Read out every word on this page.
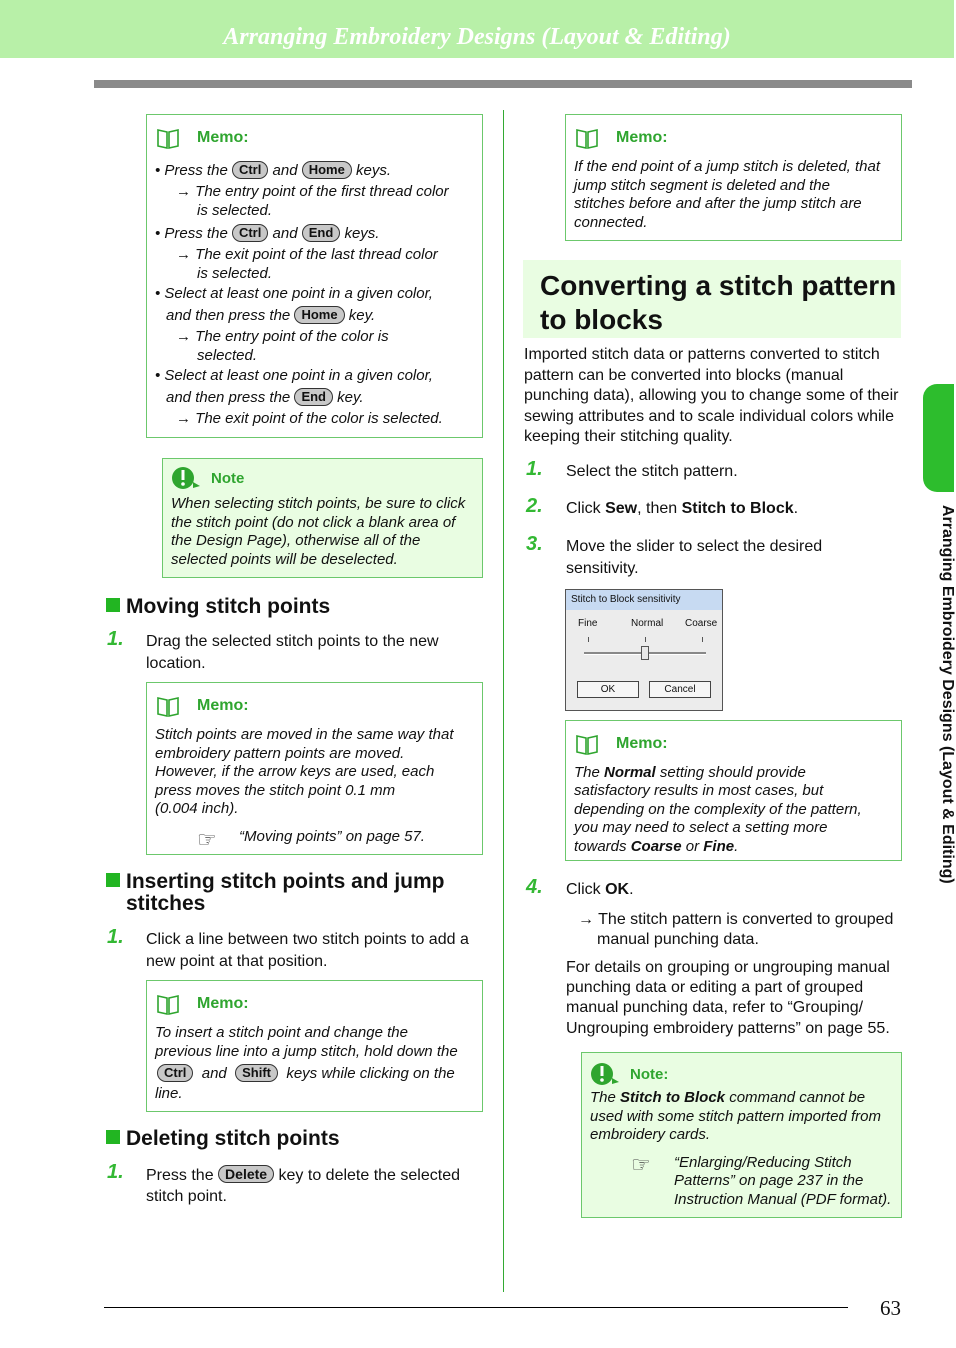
Arranging Embroidery Designs (Layout & Editing)
Arranging Embroidery Designs (Layout & Editing)
Memo:
• Press the Ctrl and Home keys.
→ The entry point of the first thread color
is selected.
• Press the Ctrl and End keys.
→ The exit point of the last thread color
is selected.
• Select at least one point in a given color,
and then press the Home key.
→ The entry point of the color is
selected.
• Select at least one point in a given color,
and then press the End key.
→ The exit point of the color is selected.
Note
When selecting stitch points, be sure to click
the stitch point (do not click a blank area of
the Design Page), otherwise all of the
selected points will be deselected.
Moving stitch points
1. Drag the selected stitch points to the new
location.
Memo:
Stitch points are moved in the same way that
embroidery pattern points are moved.
However, if the arrow keys are used, each
press moves the stitch point 0.1 mm
(0.004 inch).
☞ “Moving points” on page 57.
Inserting stitch points and jump
stitches
1. Click a line between two stitch points to add a
new point at that position.
Memo:
To insert a stitch point and change the
previous line into a jump stitch, hold down the
Ctrl and Shift keys while clicking on the
line.
Deleting stitch points
1. Press the Delete key to delete the selected
stitch point.
Memo:
If the end point of a jump stitch is deleted, that
jump stitch segment is deleted and the
stitches before and after the jump stitch are
connected.
Converting a stitch pattern
to blocks
Imported stitch data or patterns converted to stitch
pattern can be converted into blocks (manual
punching data), allowing you to change some of their
sewing attributes and to scale individual colors while
keeping their stitching quality.
1. Select the stitch pattern.
2. Click Sew, then Stitch to Block.
3. Move the slider to select the desired
sensitivity.
Stitch to Block sensitivity
Fine	Normal Coarse
OK	Cancel
Memo:
The Normal setting should provide
satisfactory results in most cases, but
depending on the complexity of the pattern,
you may need to select a setting more
towards Coarse or Fine.
4. Click OK.
→ The stitch pattern is converted to grouped
manual punching data.
For details on grouping or ungrouping manual
punching data or editing a part of grouped
manual punching data, refer to “Grouping/
Ungrouping embroidery patterns” on page 55.
Note:
The Stitch to Block command cannot be
used with some stitch pattern imported from
embroidery cards.
☞ “Enlarging/Reducing Stitch
Patterns” on page 237 in the
Instruction Manual (PDF format).
63
